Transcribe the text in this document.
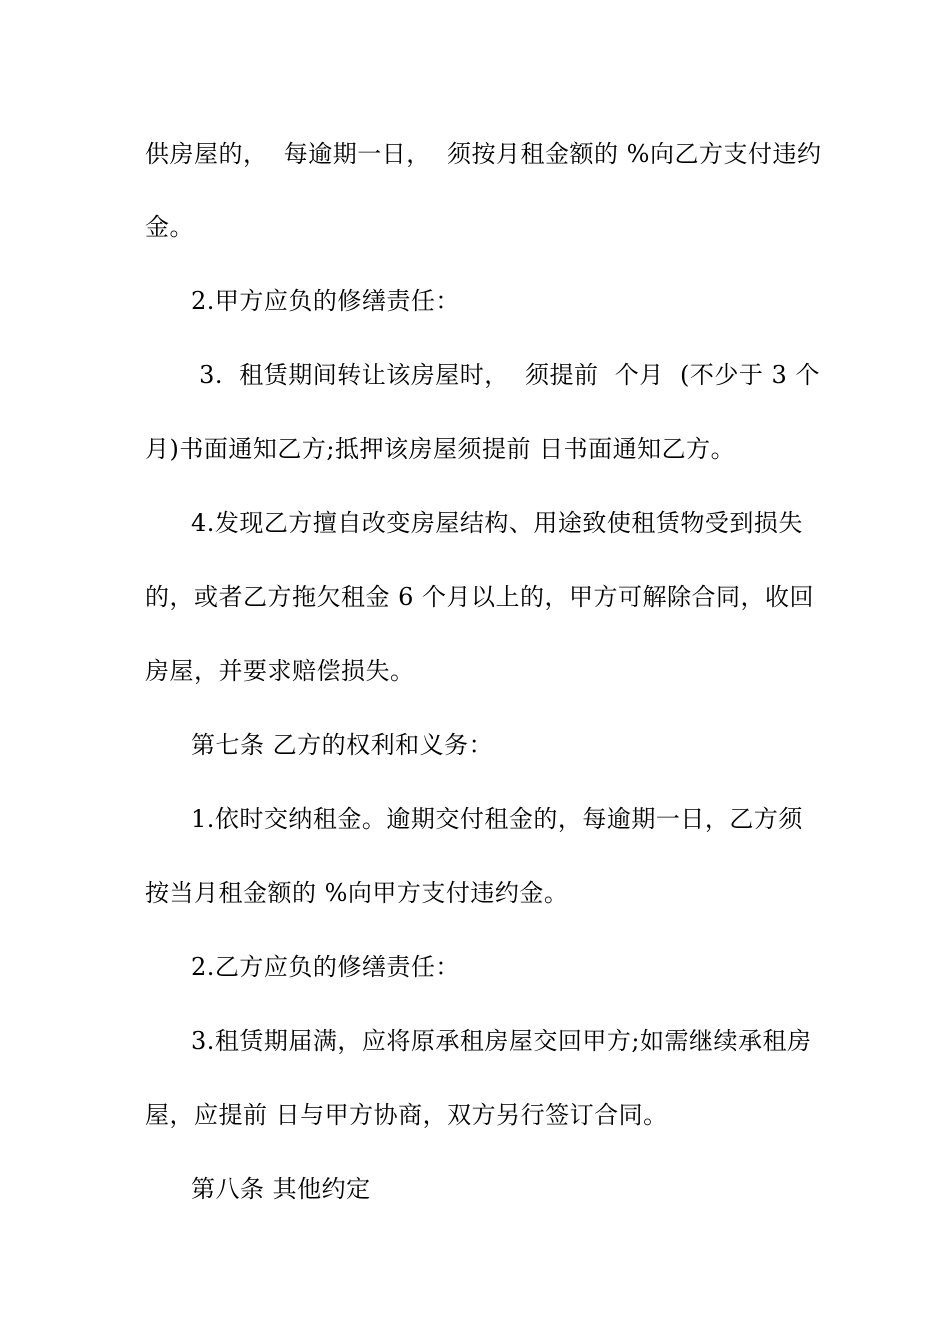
供房屋的，  每逾期一日，  须按月租金额的 %向乙方支付违约
金。
2.甲方应负的修缮责任：
3.  租赁期间转让该房屋时，  须提前  个月  (不少于 3 个
月)书面通知乙方;抵押该房屋须提前 日书面通知乙方。
4.发现乙方擅自改变房屋结构、用途致使租赁物受到损失
的，或者乙方拖欠租金 6 个月以上的，甲方可解除合同，收回
房屋，并要求赔偿损失。
第七条 乙方的权利和义务：
1.依时交纳租金。逾期交付租金的，每逾期一日，乙方须
按当月租金额的 %向甲方支付违约金。
2.乙方应负的修缮责任：
3.租赁期届满，应将原承租房屋交回甲方;如需继续承租房
屋，应提前 日与甲方协商，双方另行签订合同。
第八条 其他约定
